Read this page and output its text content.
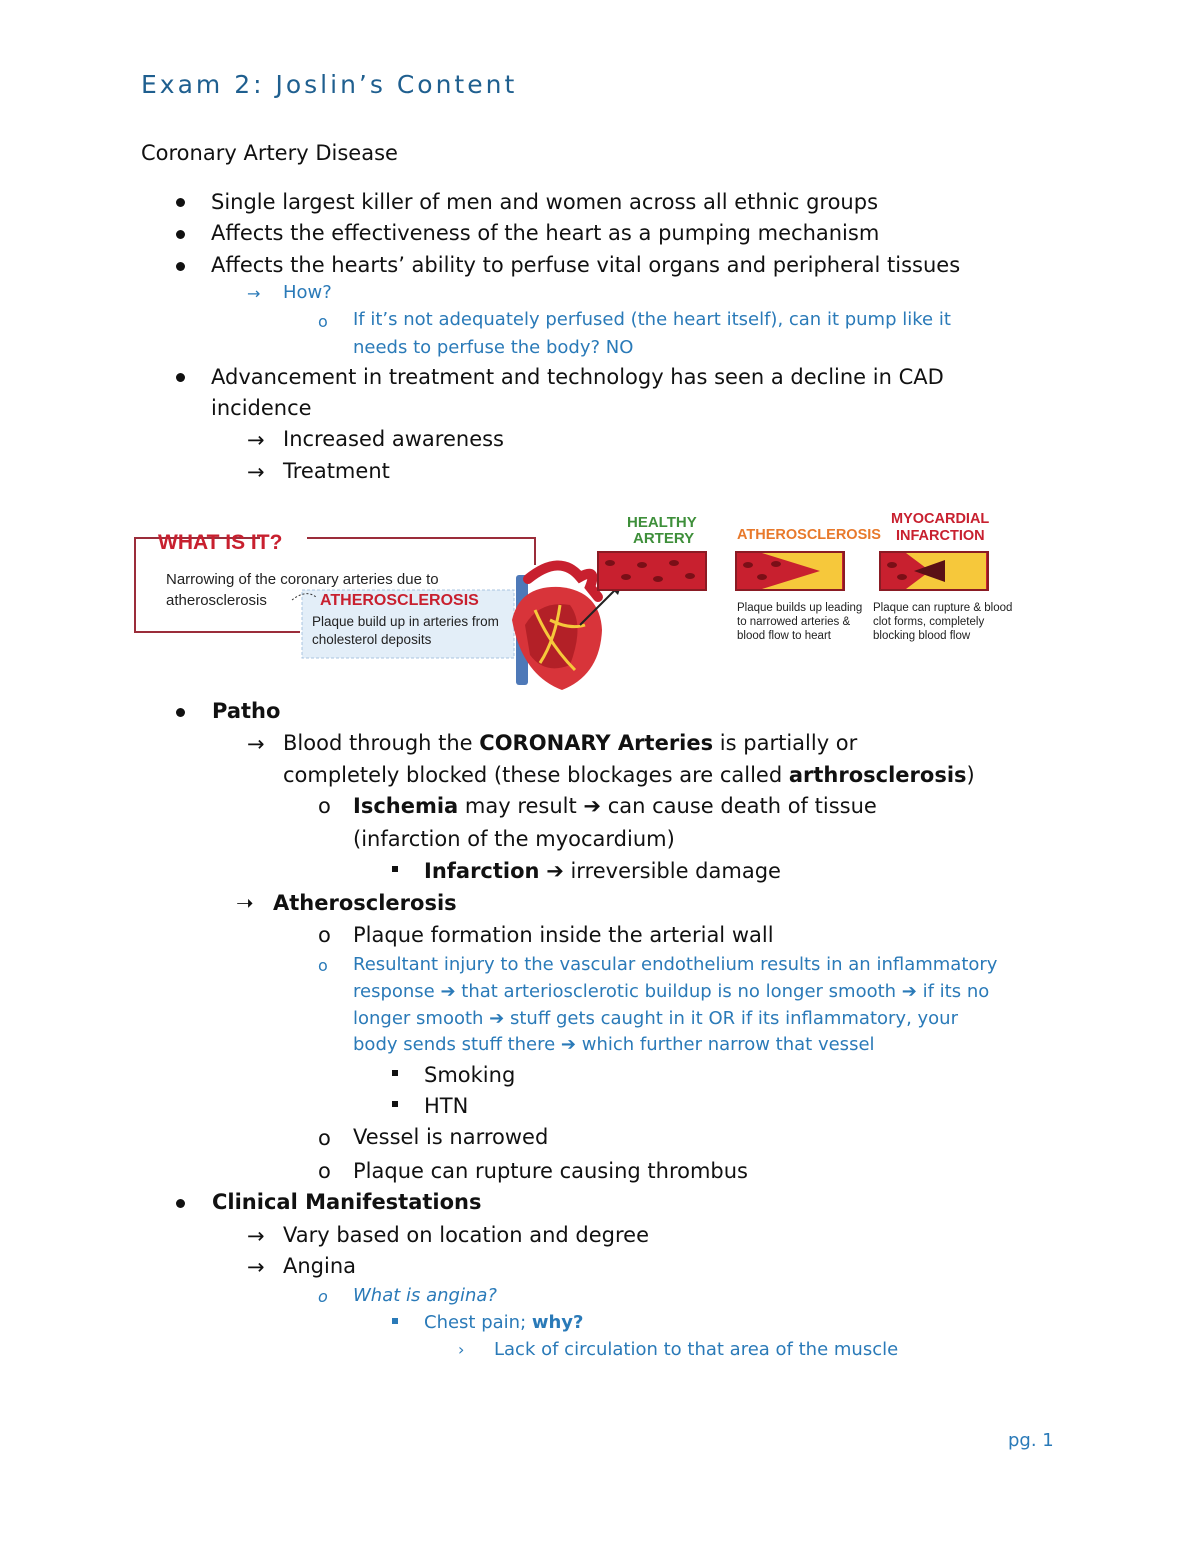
Exam 2: Joslin’s Content
Coronary Artery Disease
Single largest killer of men and women across all ethnic groups
Affects the effectiveness of the heart as a pumping mechanism
Affects the hearts’ ability to perfuse vital organs and peripheral tissues
→ How?
o If it’s not adequately perfused (the heart itself), can it pump like it
needs to perfuse the body? NO
Advancement in treatment and technology has seen a decline in CAD
incidence
→ Increased awareness
→ Treatment
WHAT IS IT?
Narrowing of the coronary arteries due to
atherosclerosis	ATHEROSCLEROSIS
Plaque build up in arteries from
cholesterol deposits
HEALTHY
ARTERY	ATHEROSCLEROSIS
MYOCARDIAL
INFARCTION
Plaque builds up leading
to narrowed arteries &
blood flow to heart
Plaque can rupture & blood
clot forms, completely
blocking blood flow
Patho
→ Blood through the CORONARY Arteries is partially or
completely blocked (these blockages are called arthrosclerosis)
o Ischemia may result ➔ can cause death of tissue
(infarction of the myocardium)
Infarction ➔ irreversible damage
➝ Atherosclerosis
o Plaque formation inside the arterial wall
o Resultant injury to the vascular endothelium results in an inflammatory
response ➔ that arteriosclerotic buildup is no longer smooth ➔ if its no
longer smooth ➔ stuff gets caught in it OR if its inflammatory, your
body sends stuff there ➔ which further narrow that vessel
Smoking
HTN
o Vessel is narrowed
o Plaque can rupture causing thrombus
Clinical Manifestations
→ Vary based on location and degree
→ Angina
o What is angina?
Chest pain; why?
› Lack of circulation to that area of the muscle
pg. 1
